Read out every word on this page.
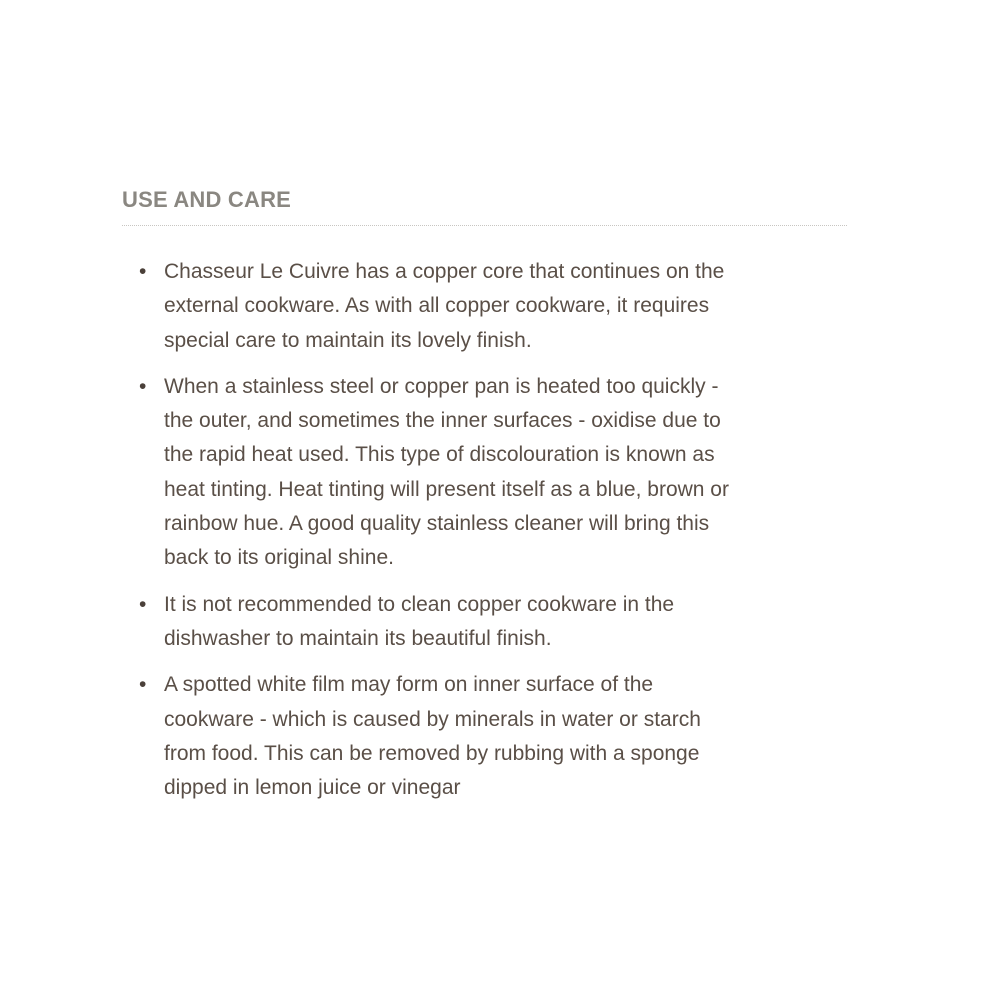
USE AND CARE
• Chasseur Le Cuivre has a copper core that continues on the
external cookware. As with all copper cookware, it requires
special care to maintain its lovely finish.
• When a stainless steel or copper pan is heated too quickly -
the outer, and sometimes the inner surfaces - oxidise due to
the rapid heat used. This type of discolouration is known as
heat tinting. Heat tinting will present itself as a blue, brown or
rainbow hue. A good quality stainless cleaner will bring this
back to its original shine.
• It is not recommended to clean copper cookware in the
dishwasher to maintain its beautiful finish.
• A spotted white film may form on inner surface of the
cookware - which is caused by minerals in water or starch
from food. This can be removed by rubbing with a sponge
dipped in lemon juice or vinegar
